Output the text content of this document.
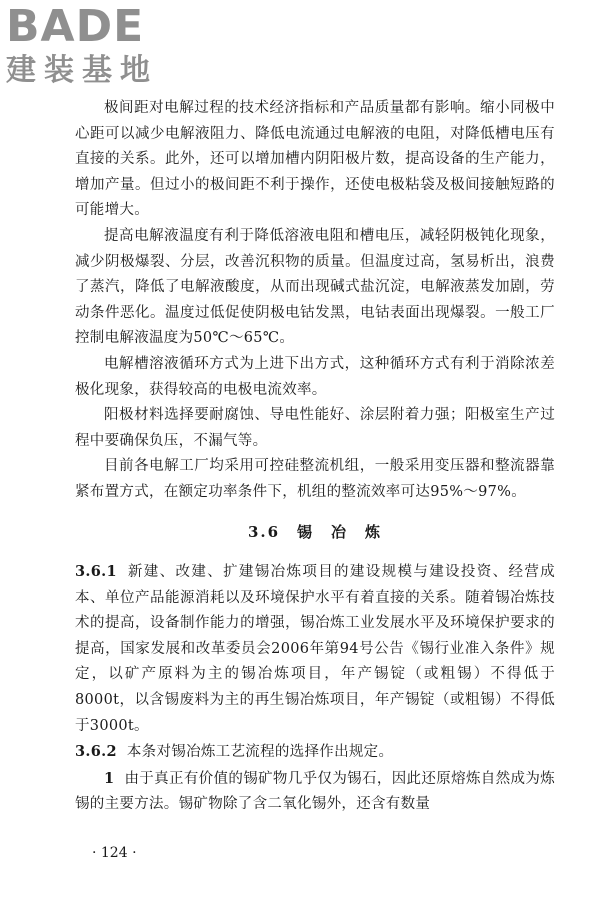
BADE
建装基地

极间距对电解过程的技术经济指标和产品质量都有影响。缩小同极中心距可以减少电解液阻力、降低电流通过电解液的电阻，对降低槽电压有直接的关系。此外，还可以增加槽内阴阳极片数，提高设备的生产能力，增加产量。但过小的极间距不利于操作，还使电极粘袋及极间接触短路的可能增大。

提高电解液温度有利于降低溶液电阻和槽电压，减轻阴极钝化现象，减少阴极爆裂、分层，改善沉积物的质量。但温度过高，氢易析出，浪费了蒸汽，降低了电解液酸度，从而出现碱式盐沉淀，电解液蒸发加剧，劳动条件恶化。温度过低促使阴极电钴发黑，电钴表面出现爆裂。一般工厂控制电解液温度为50℃～65℃。

电解槽溶液循环方式为上进下出方式，这种循环方式有利于消除浓差极化现象，获得较高的电极电流效率。

阳极材料选择要耐腐蚀、导电性能好、涂层附着力强；阳极室生产过程中要确保负压，不漏气等。

目前各电解工厂均采用可控硅整流机组，一般采用变压器和整流器靠紧布置方式，在额定功率条件下，机组的整流效率可达95%～97%。

3.6　锡　冶　炼

3.6.1 新建、改建、扩建锡冶炼项目的建设规模与建设投资、经营成本、单位产品能源消耗以及环境保护水平有着直接的关系。随着锡冶炼技术的提高，设备制作能力的增强，锡冶炼工业发展水平及环境保护要求的提高，国家发展和改革委员会2006年第94号公告《锡行业准入条件》规定，以矿产原料为主的锡冶炼项目，年产锡锭（或粗锡）不得低于8000t，以含锡废料为主的再生锡冶炼项目，年产锡锭（或粗锡）不得低于3000t。

3.6.2 本条对锡冶炼工艺流程的选择作出规定。

1 由于真正有价值的锡矿物几乎仅为锡石，因此还原熔炼自然成为炼锡的主要方法。锡矿物除了含二氧化锡外，还含有数量

· 124 ·
